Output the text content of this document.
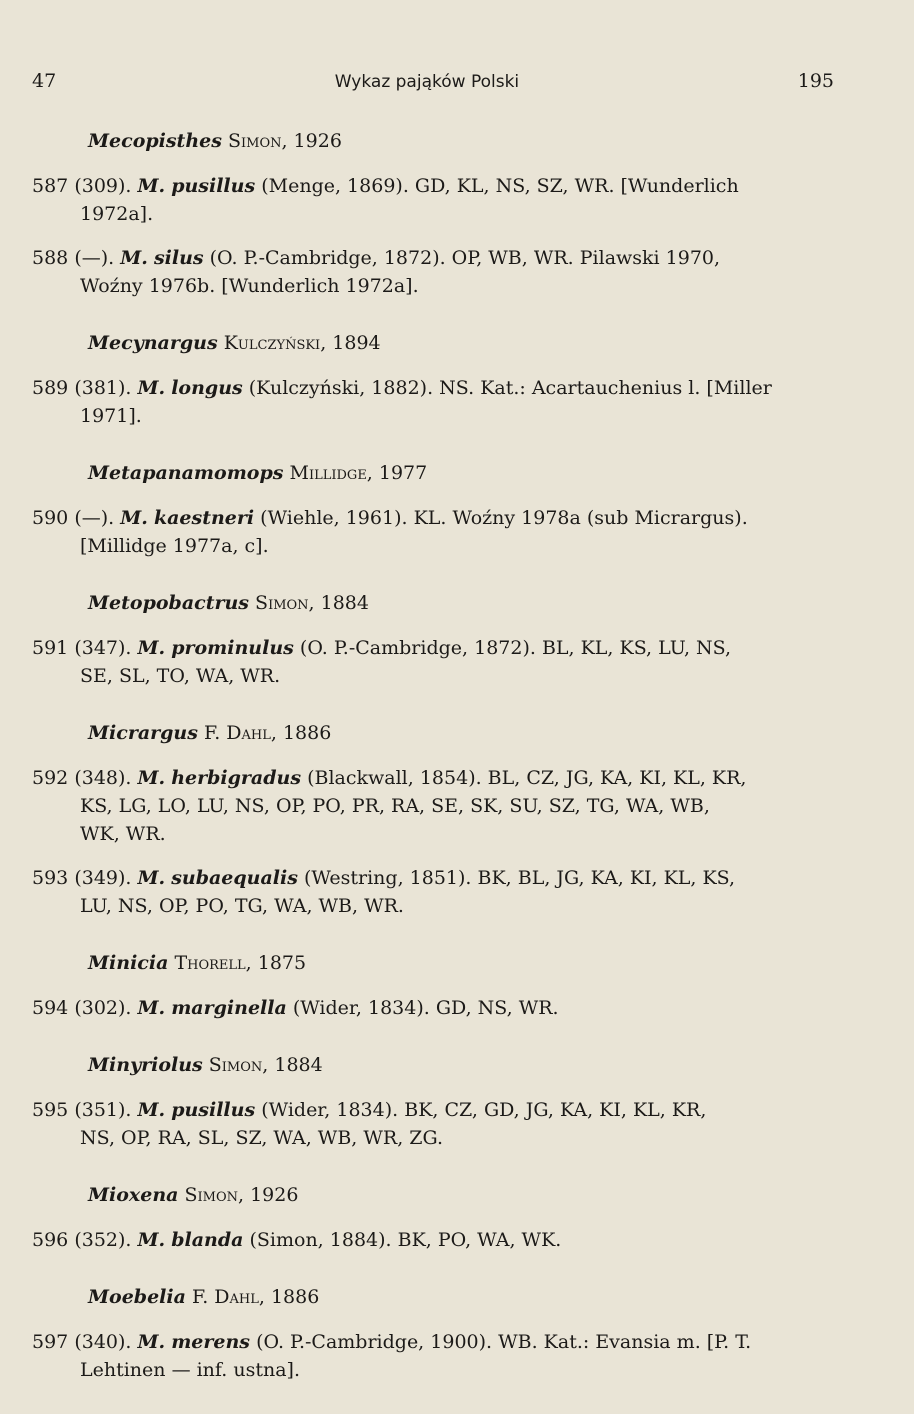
47	Wykaz pająków Polski	195
Mecopisthes Simon, 1926
587 (309). M. pusillus (Menge, 1869). GD, KL, NS, SZ, WR. [Wunderlich
1972a].
588 (—). M. silus (O. P.-Cambridge, 1872). OP, WB, WR. Pilawski 1970,
Woźny 1976b. [Wunderlich 1972a].
Mecynargus Kulczyński, 1894
589 (381). M. longus (Kulczyński, 1882). NS. Kat.: Acartauchenius l. [Miller
1971].
Metapanamomops Millidge, 1977
590 (—). M. kaestneri (Wiehle, 1961). KL. Woźny 1978a (sub Micrargus).
[Millidge 1977a, c].
Metopobactrus Simon, 1884
591 (347). M. prominulus (O. P.-Cambridge, 1872). BL, KL, KS, LU, NS,
SE, SL, TO, WA, WR.
Micrargus F. Dahl, 1886
592 (348). M. herbigradus (Blackwall, 1854). BL, CZ, JG, KA, KI, KL, KR,
KS, LG, LO, LU, NS, OP, PO, PR, RA, SE, SK, SU, SZ, TG, WA, WB,
WK, WR.
593 (349). M. subaequalis (Westring, 1851). BK, BL, JG, KA, KI, KL, KS,
LU, NS, OP, PO, TG, WA, WB, WR.
Minicia Thorell, 1875
594 (302). M. marginella (Wider, 1834). GD, NS, WR.
Minyriolus Simon, 1884
595 (351). M. pusillus (Wider, 1834). BK, CZ, GD, JG, KA, KI, KL, KR,
NS, OP, RA, SL, SZ, WA, WB, WR, ZG.
Mioxena Simon, 1926
596 (352). M. blanda (Simon, 1884). BK, PO, WA, WK.
Moebelia F. Dahl, 1886
597 (340). M. merens (O. P.-Cambridge, 1900). WB. Kat.: Evansia m. [P. T.
Lehtinen — inf. ustna].
